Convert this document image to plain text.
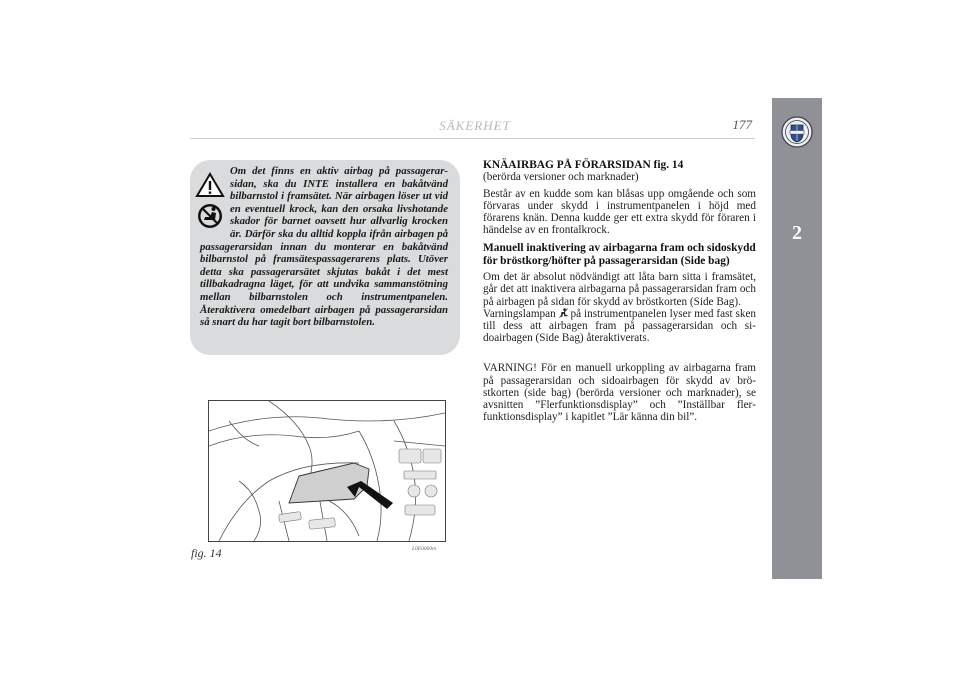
SÄKERHET	177
2

Om det finns en aktiv airbag på passagerarsidan, ska du INTE installera en bakåtvänd bilbarnstol i framsätet. När airbagen löser ut vid en eventuell krock, kan den orsaka livshotande skador för barnet oavsett hur allvarlig krocken är. Därför ska du alltid koppla ifrån airbagen på passagerarsidan innan du monterar en bakåtvänd bilbarnstol på framsätespassagerarens plats. Utöver detta ska passagerarsätet skjutas bakåt i det mest tillbakadragna läget, för att undvika sammanstötning mellan bilbarnstolen och instrumentpanelen. Återaktivera omedelbart airbagen på passagerarsidan så snart du har tagit bort bilbarnstolen.

fig. 14	L0E0060m
KNÄAIRBAG PÅ FÖRARSIDAN fig. 14

(berörda versioner och marknader)

Består av en kudde som kan blåsas upp omgående och som förvaras under skydd i instrumentpanelen i höjd med förarens knän. Denna kudde ger ett extra skydd för föraren i händelse av en frontalkrock.

Manuell inaktivering av airbagarna fram och sidoskydd för bröstkorg/höfter på passagerarsidan (Side bag)

Om det är absolut nödvändigt att låta barn sitta i framsätet, går det att inaktivera airbagarna på passagerarsidan fram och på airbagen på sidan för skydd av bröstkorten (Side Bag).

Varningslampan på instrumentpanelen lyser med fast sken till dess att airbagen fram på passagerarsidan och sidoairbagen (Side Bag) återaktiverats.

VARNING! För en manuell urkoppling av airbagarna fram på passagerarsidan och sidoairbagen för skydd av bröstkorten (side bag) (berörda versioner och marknader), se avsnitten ”Flerfunktionsdisplay” och ”Inställbar flerfunktionsdisplay” i kapitlet ”Lär känna din bil”.
